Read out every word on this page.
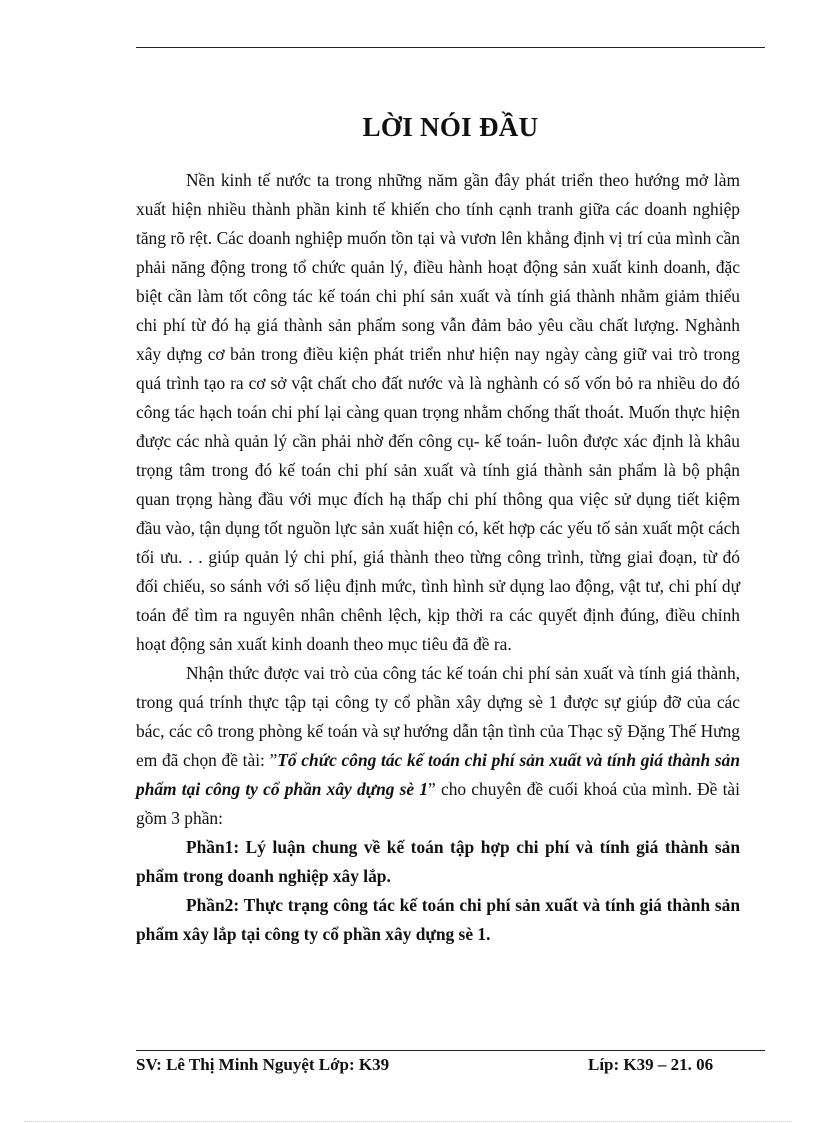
LỜI NÓI ĐẦU

Nền kinh tế nước ta trong những năm gần đây phát triển theo hướng mở làm xuất hiện nhiều thành phần kinh tế khiến cho tính cạnh tranh giữa các doanh nghiệp tăng rõ rệt. Các doanh nghiệp muốn tồn tại và vươn lên khẳng định vị trí của mình cần phải năng động trong tổ chức quản lý, điều hành hoạt động sản xuất kinh doanh, đặc biệt cần làm tốt công tác kế toán chi phí sản xuất và tính giá thành nhằm giảm thiểu chi phí từ đó hạ giá thành sản phẩm song vẫn đảm bảo yêu cầu chất lượng. Nghành xây dựng cơ bản trong điều kiện phát triển như hiện nay ngày càng giữ vai trò trong quá trình tạo ra cơ sở vật chất cho đất nước và là nghành có số vốn bỏ ra nhiều do đó công tác hạch toán chi phí lại càng quan trọng nhằm chống thất thoát. Muốn thực hiện được các nhà quản lý cần phải nhờ đến công cụ- kế toán- luôn được xác định là khâu trọng tâm trong đó kế toán chi phí sản xuất và tính giá thành sản phẩm là bộ phận quan trọng hàng đầu với mục đích hạ thấp chi phí thông qua việc sử dụng tiết kiệm đầu vào, tận dụng tốt nguồn lực sản xuất hiện có, kết hợp các yếu tố sản xuất một cách tối ưu. . . giúp quản lý chi phí, giá thành theo từng công trình, từng giai đoạn, từ đó đối chiếu, so sánh với số liệu định mức, tình hình sử dụng lao động, vật tư, chi phí dự toán để tìm ra nguyên nhân chênh lệch, kịp thời ra các quyết định đúng, điều chỉnh hoạt động sản xuất kinh doanh theo mục tiêu đã đề ra.

Nhận thức được vai trò của công tác kế toán chi phí sản xuất và tính giá thành, trong quá trính thực tập tại công ty cổ phần xây dựng sè 1 được sự giúp đỡ của các bác, các cô trong phòng kế toán và sự hướng dẫn tận tình của Thạc sỹ Đặng Thế Hưng em đã chọn đề tài: ”Tổ chức công tác kế toán chi phí sản xuất và tính giá thành sản phẩm tại công ty cổ phần xây dựng sè 1” cho chuyên đề cuối khoá của mình. Đề tài gồm 3 phần:

Phần1: Lý luận chung về kế toán tập hợp chi phí và tính giá thành sản phẩm trong doanh nghiệp xây lắp.

Phần2: Thực trạng công tác kế toán chi phí sản xuất và tính giá thành sản phẩm xây lắp tại công ty cổ phần xây dựng sè 1.

SV: Lê Thị Minh Nguyệt Lớp: K39	Líp: K39 – 21. 06
